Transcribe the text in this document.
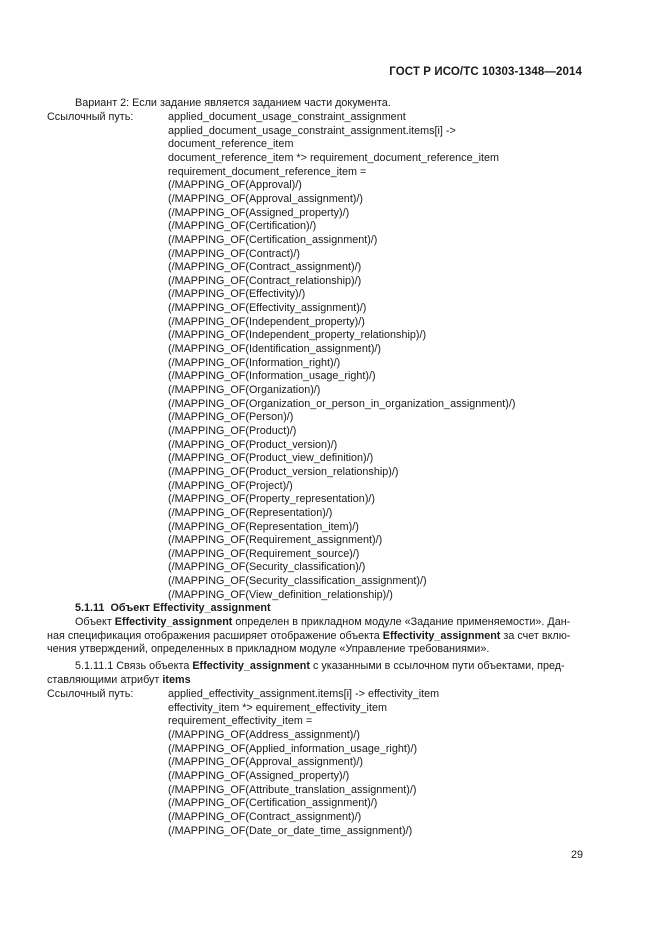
ГОСТ Р ИСО/ТС 10303-1348—2014
Вариант 2: Если задание является заданием части документа.
Ссылочный путь:	applied_document_usage_constraint_assignment
applied_document_usage_constraint_assignment.items[i] ->
document_reference_item
document_reference_item *> requirement_document_reference_item
requirement_document_reference_item =
(/MAPPING_OF(Approval)/)
(/MAPPING_OF(Approval_assignment)/)
(/MAPPING_OF(Assigned_property)/)
(/MAPPING_OF(Certification)/)
(/MAPPING_OF(Certification_assignment)/)
(/MAPPING_OF(Contract)/)
(/MAPPING_OF(Contract_assignment)/)
(/MAPPING_OF(Contract_relationship)/)
(/MAPPING_OF(Effectivity)/)
(/MAPPING_OF(Effectivity_assignment)/)
(/MAPPING_OF(Independent_property)/)
(/MAPPING_OF(Independent_property_relationship)/)
(/MAPPING_OF(Identification_assignment)/)
(/MAPPING_OF(Information_right)/)
(/MAPPING_OF(Information_usage_right)/)
(/MAPPING_OF(Organization)/)
(/MAPPING_OF(Organization_or_person_in_organization_assignment)/)
(/MAPPING_OF(Person)/)
(/MAPPING_OF(Product)/)
(/MAPPING_OF(Product_version)/)
(/MAPPING_OF(Product_view_definition)/)
(/MAPPING_OF(Product_version_relationship)/)
(/MAPPING_OF(Project)/)
(/MAPPING_OF(Property_representation)/)
(/MAPPING_OF(Representation)/)
(/MAPPING_OF(Representation_item)/)
(/MAPPING_OF(Requirement_assignment)/)
(/MAPPING_OF(Requirement_source)/)
(/MAPPING_OF(Security_classification)/)
(/MAPPING_OF(Security_classification_assignment)/)
(/MAPPING_OF(View_definition_relationship)/)
5.1.11 Объект Effectivity_assignment
Объект Effectivity_assignment определен в прикладном модуле «Задание применяемости». Дан-
ная спецификация отображения расширяет отображение объекта Effectivity_assignment за счет вклю-
чения утверждений, определенных в прикладном модуле «Управление требованиями».
5.1.11.1 Связь объекта Effectivity_assignment с указанными в ссылочном пути объектами, пред-
ставляющими атрибут items
Ссылочный путь:	applied_effectivity_assignment.items[i] -> effectivity_item
effectivity_item *> equirement_effectivity_item
requirement_effectivity_item =
(/MAPPING_OF(Address_assignment)/)
(/MAPPING_OF(Applied_information_usage_right)/)
(/MAPPING_OF(Approval_assignment)/)
(/MAPPING_OF(Assigned_property)/)
(/MAPPING_OF(Attribute_translation_assignment)/)
(/MAPPING_OF(Certification_assignment)/)
(/MAPPING_OF(Contract_assignment)/)
(/MAPPING_OF(Date_or_date_time_assignment)/)
29
